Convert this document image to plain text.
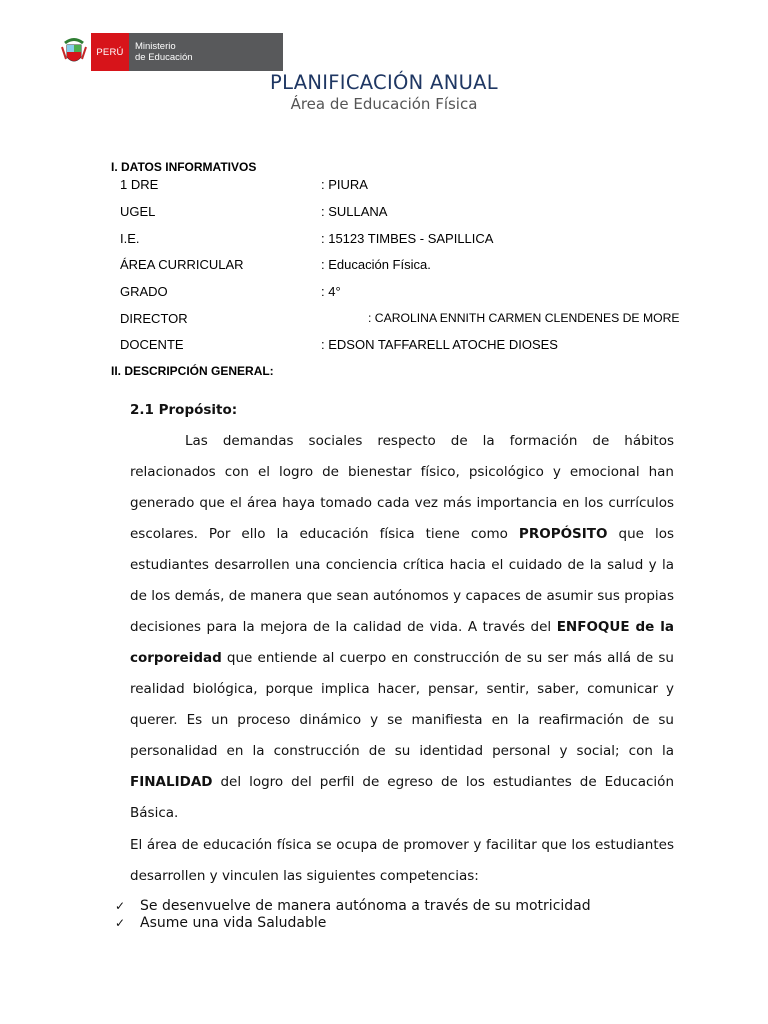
PERÚ	Ministerio
de Educación
PLANIFICACIÓN ANUAL
Área de Educación Física
I. DATOS INFORMATIVOS
1 DRE	: PIURA
UGEL	: SULLANA
I.E.	: 15123 TIMBES - SAPILLICA
ÁREA CURRICULAR	: Educación Física.
GRADO	: 4°
DIRECTOR	: CAROLINA ENNITH CARMEN CLENDENES DE MORE
DOCENTE	: EDSON TAFFARELL ATOCHE DIOSES
II. DESCRIPCIÓN GENERAL:
2.1 Propósito:
Las demandas sociales respecto de la formación de hábitos relacionados con el logro de bienestar físico, psicológico y emocional han generado que el área haya tomado cada vez más importancia en los currículos escolares. Por ello la educación física tiene como PROPÓSITO que los estudiantes desarrollen una conciencia crítica hacia el cuidado de la salud y la de los demás, de manera que sean autónomos y capaces de asumir sus propias decisiones para la mejora de la calidad de vida. A través del ENFOQUE de la corporeidad que entiende al cuerpo en construcción de su ser más allá de su realidad biológica, porque implica hacer, pensar, sentir, saber, comunicar y querer. Es un proceso dinámico y se manifiesta en la reafirmación de su personalidad en la construcción de su identidad personal y social; con la FINALIDAD del logro del perfil de egreso de los estudiantes de Educación Básica.
El área de educación física se ocupa de promover y facilitar que los estudiantes desarrollen y vinculen las siguientes competencias:
✓	Se desenvuelve de manera autónoma a través de su motricidad
✓	Asume una vida Saludable
